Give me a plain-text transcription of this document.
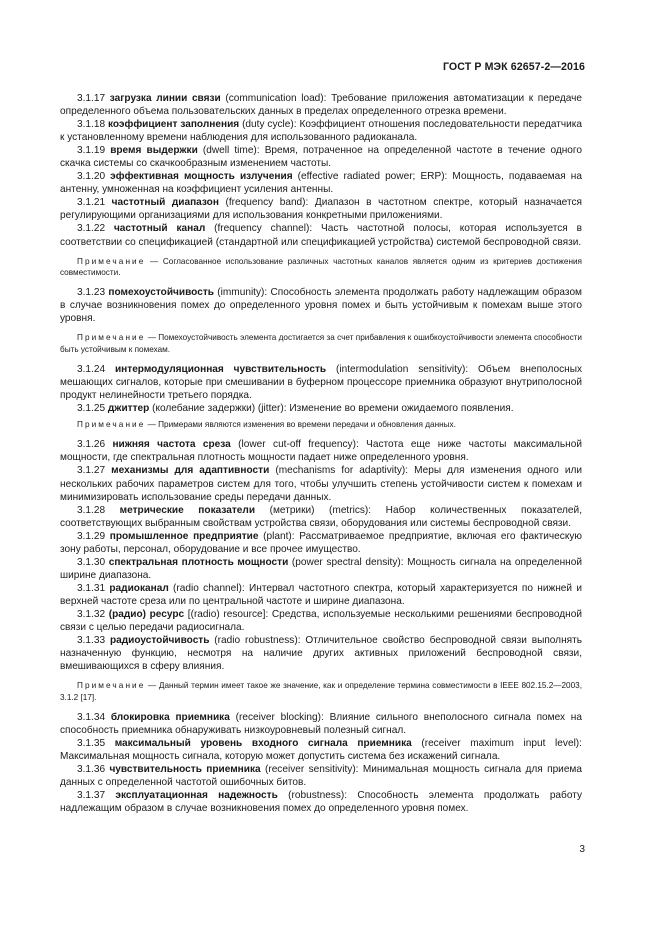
ГОСТ Р МЭК 62657-2—2016

3.1.17 загрузка линии связи (communication load): Требование приложения автоматизации к передаче определенного объема пользовательских данных в пределах определенного отрезка времени.

3.1.18 коэффициент заполнения (duty cycle): Коэффициент отношения последовательности передатчика к установленному времени наблюдения для использованного радиоканала.

3.1.19 время выдержки (dwell time): Время, потраченное на определенной частоте в течение одного скачка системы со скачкообразным изменением частоты.

3.1.20 эффективная мощность излучения (effective radiated power; ERP): Мощность, подаваемая на антенну, умноженная на коэффициент усиления антенны.

3.1.21 частотный диапазон (frequency band): Диапазон в частотном спектре, который назначается регулирующими организациями для использования конкретными приложениями.

3.1.22 частотный канал (frequency channel): Часть частотной полосы, которая используется в соответствии со спецификацией (стандартной или спецификацией устройства) системой беспроводной связи.

Примечание — Согласованное использование различных частотных каналов является одним из критериев достижения совместимости.

3.1.23 помехоустойчивость (immunity): Способность элемента продолжать работу надлежащим образом в случае возникновения помех до определенного уровня помех и быть устойчивым к помехам выше этого уровня.

Примечание — Помехоустойчивость элемента достигается за счет прибавления к ошибкоустойчивости элемента способности быть устойчивым к помехам.

3.1.24 интермодуляционная чувствительность (intermodulation sensitivity): Объем внеполосных мешающих сигналов, которые при смешивании в буферном процессоре приемника образуют внутриполосной продукт нелинейности третьего порядка.

3.1.25 джиттер (колебание задержки) (jitter): Изменение во времени ожидаемого появления.

Примечание — Примерами являются изменения во времени передачи и обновления данных.

3.1.26 нижняя частота среза (lower cut-off frequency): Частота еще ниже частоты максимальной мощности, где спектральная плотность мощности падает ниже определенного уровня.

3.1.27 механизмы для адаптивности (mechanisms for adaptivity): Меры для изменения одного или нескольких рабочих параметров систем для того, чтобы улучшить степень устойчивости систем к помехам и минимизировать использование среды передачи данных.

3.1.28 метрические показатели (метрики) (metrics): Набор количественных показателей, соответствующих выбранным свойствам устройства связи, оборудования или системы беспроводной связи.

3.1.29 промышленное предприятие (plant): Рассматриваемое предприятие, включая его фактическую зону работы, персонал, оборудование и все прочее имущество.

3.1.30 спектральная плотность мощности (power spectral density): Мощность сигнала на определенной ширине диапазона.

3.1.31 радиоканал (radio channel): Интервал частотного спектра, который характеризуется по нижней и верхней частоте среза или по центральной частоте и ширине диапазона.

3.1.32 (радио) ресурс [(radio) resource]: Средства, используемые несколькими решениями беспроводной связи с целью передачи радиосигнала.

3.1.33 радиоустойчивость (radio robustness): Отличительное свойство беспроводной связи выполнять назначенную функцию, несмотря на наличие других активных приложений беспроводной связи, вмешивающихся в сферу влияния.

Примечание — Данный термин имеет такое же значение, как и определение термина совместимости в IEEE 802.15.2—2003, 3.1.2 [17].

3.1.34 блокировка приемника (receiver blocking): Влияние сильного внеполосного сигнала помех на способность приемника обнаруживать низкоуровневый полезный сигнал.

3.1.35 максимальный уровень входного сигнала приемника (receiver maximum input level): Максимальная мощность сигнала, которую может допустить система без искажений сигнала.

3.1.36 чувствительность приемника (receiver sensitivity): Минимальная мощность сигнала для приема данных с определенной частотой ошибочных битов.

3.1.37 эксплуатационная надежность (robustness): Способность элемента продолжать работу надлежащим образом в случае возникновения помех до определенного уровня помех.

3
